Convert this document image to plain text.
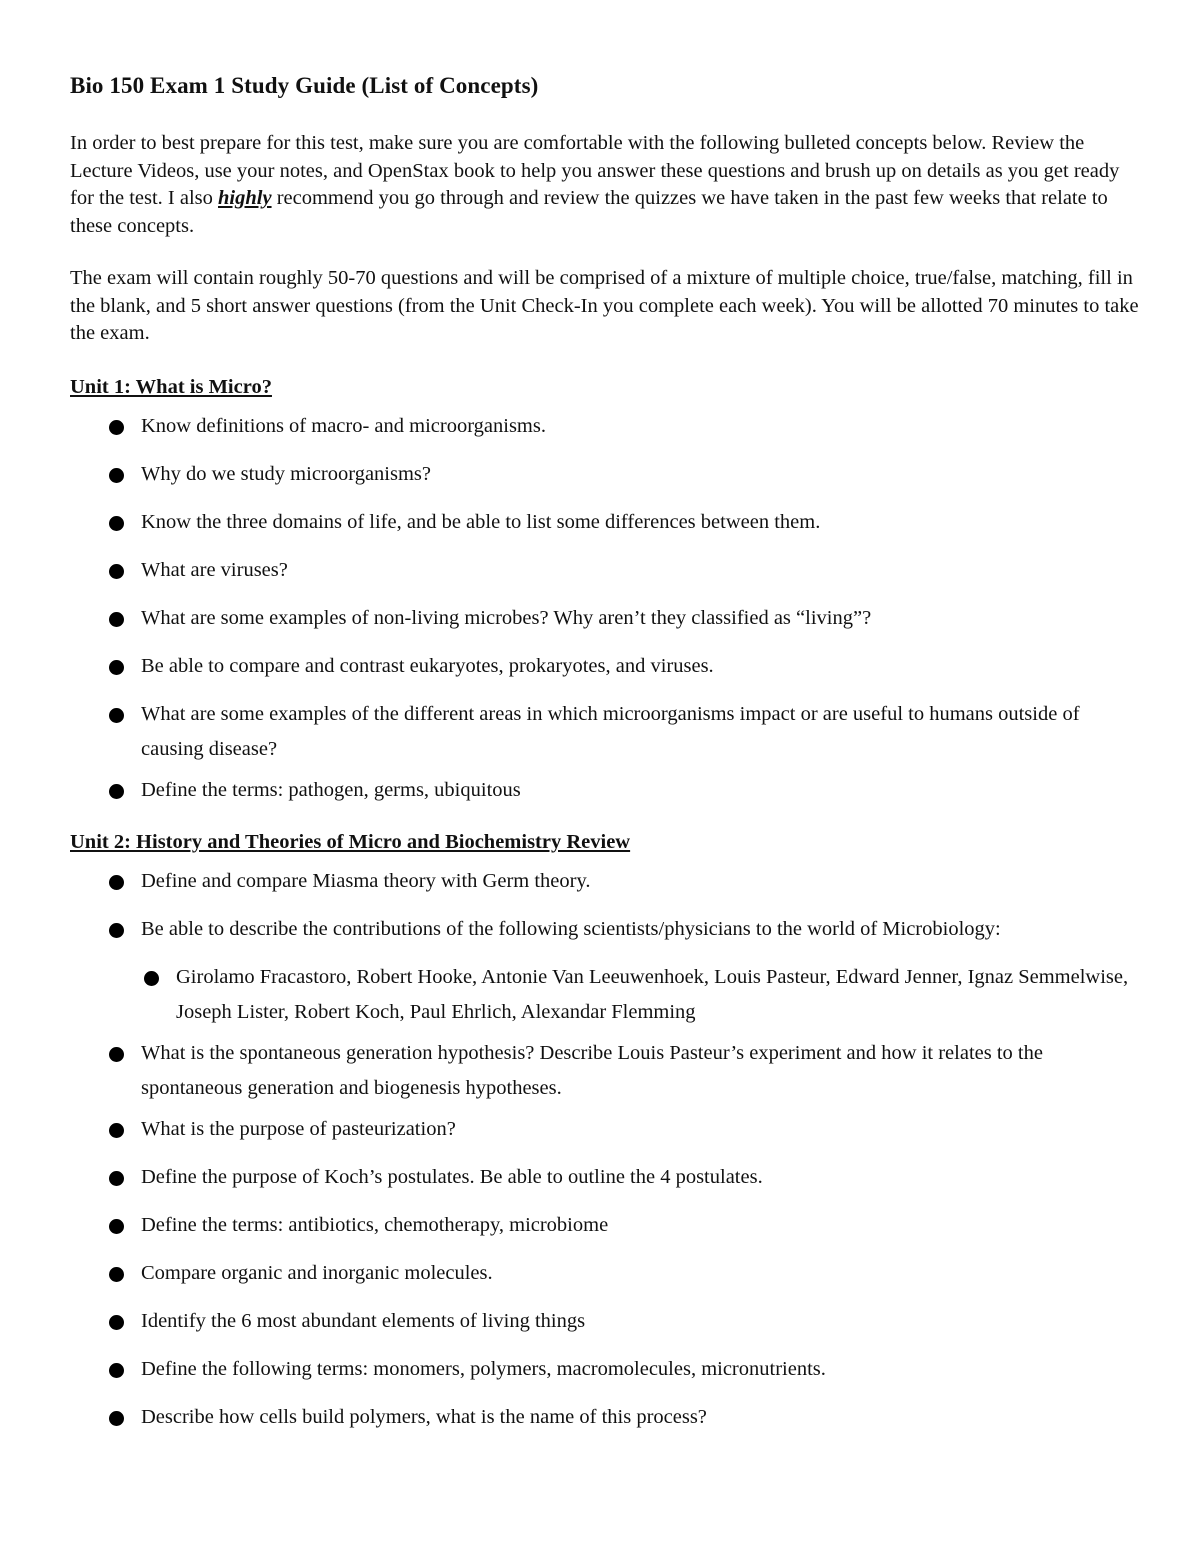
Bio 150 Exam 1 Study Guide (List of Concepts)

In order to best prepare for this test, make sure you are comfortable with the following bulleted concepts below. Review the Lecture Videos, use your notes, and OpenStax book to help you answer these questions and brush up on details as you get ready for the test. I also highly recommend you go through and review the quizzes we have taken in the past few weeks that relate to these concepts.

The exam will contain roughly 50-70 questions and will be comprised of a mixture of multiple choice, true/false, matching, fill in the blank, and 5 short answer questions (from the Unit Check-In you complete each week). You will be allotted 70 minutes to take the exam.

Unit 1: What is Micro?
Know definitions of macro- and microorganisms.
Why do we study microorganisms?
Know the three domains of life, and be able to list some differences between them.
What are viruses?
What are some examples of non-living microbes? Why aren’t they classified as “living”?
Be able to compare and contrast eukaryotes, prokaryotes, and viruses.
What are some examples of the different areas in which microorganisms impact or are useful to humans outside of causing disease?
Define the terms: pathogen, germs, ubiquitous
Unit 2: History and Theories of Micro and Biochemistry Review
Define and compare Miasma theory with Germ theory.
Be able to describe the contributions of the following scientists/physicians to the world of Microbiology:
Girolamo Fracastoro, Robert Hooke, Antonie Van Leeuwenhoek, Louis Pasteur, Edward Jenner, Ignaz Semmelwise, Joseph Lister, Robert Koch, Paul Ehrlich, Alexandar Flemming
What is the spontaneous generation hypothesis? Describe Louis Pasteur’s experiment and how it relates to the spontaneous generation and biogenesis hypotheses.
What is the purpose of pasteurization?
Define the purpose of Koch’s postulates. Be able to outline the 4 postulates.
Define the terms: antibiotics, chemotherapy, microbiome
Compare organic and inorganic molecules.
Identify the 6 most abundant elements of living things
Define the following terms: monomers, polymers, macromolecules, micronutrients.
Describe how cells build polymers, what is the name of this process?
